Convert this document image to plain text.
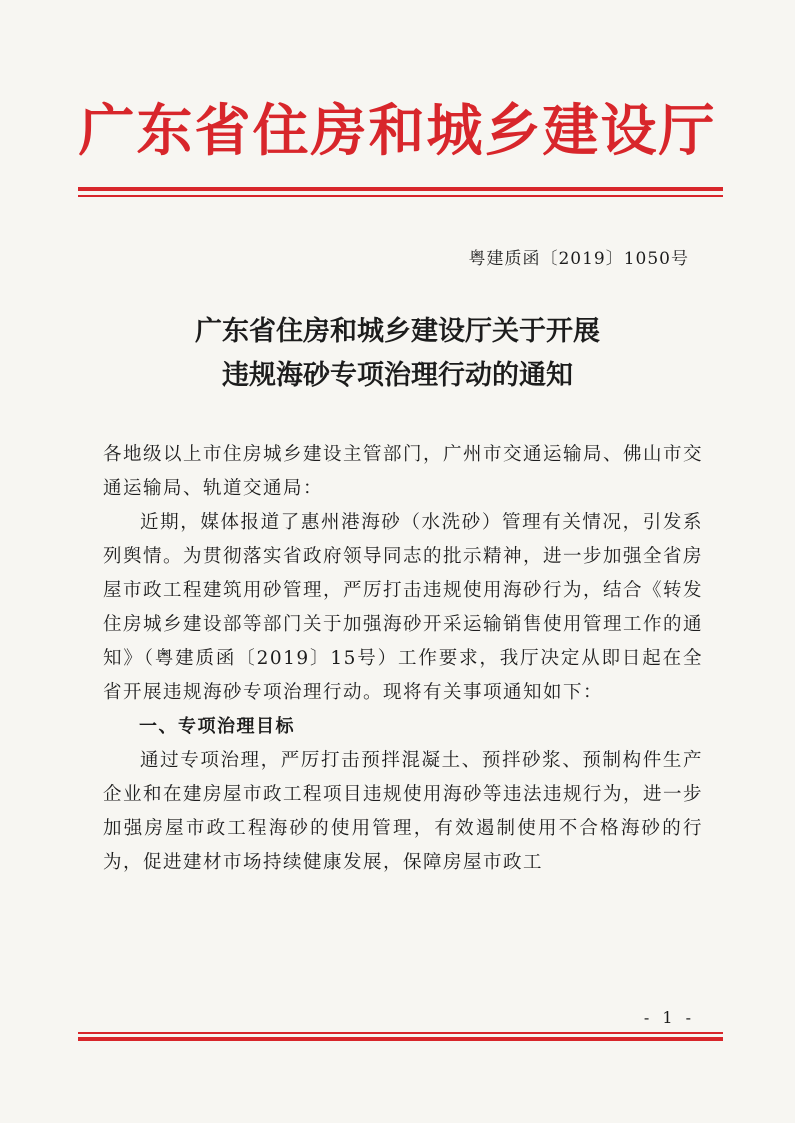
广东省住房和城乡建设厅
粤建质函〔2019〕1050号
广东省住房和城乡建设厅关于开展
违规海砂专项治理行动的通知

各地级以上市住房城乡建设主管部门，广州市交通运输局、佛山市交通运输局、轨道交通局：

近期，媒体报道了惠州港海砂（水洗砂）管理有关情况，引发系列舆情。为贯彻落实省政府领导同志的批示精神，进一步加强全省房屋市政工程建筑用砂管理，严厉打击违规使用海砂行为，结合《转发住房城乡建设部等部门关于加强海砂开采运输销售使用管理工作的通知》（粤建质函〔2019〕15号）工作要求，我厅决定从即日起在全省开展违规海砂专项治理行动。现将有关事项通知如下：

一、专项治理目标

通过专项治理，严厉打击预拌混凝土、预拌砂浆、预制构件生产企业和在建房屋市政工程项目违规使用海砂等违法违规行为，进一步加强房屋市政工程海砂的使用管理，有效遏制使用不合格海砂的行为，促进建材市场持续健康发展，保障房屋市政工

- 1 -
